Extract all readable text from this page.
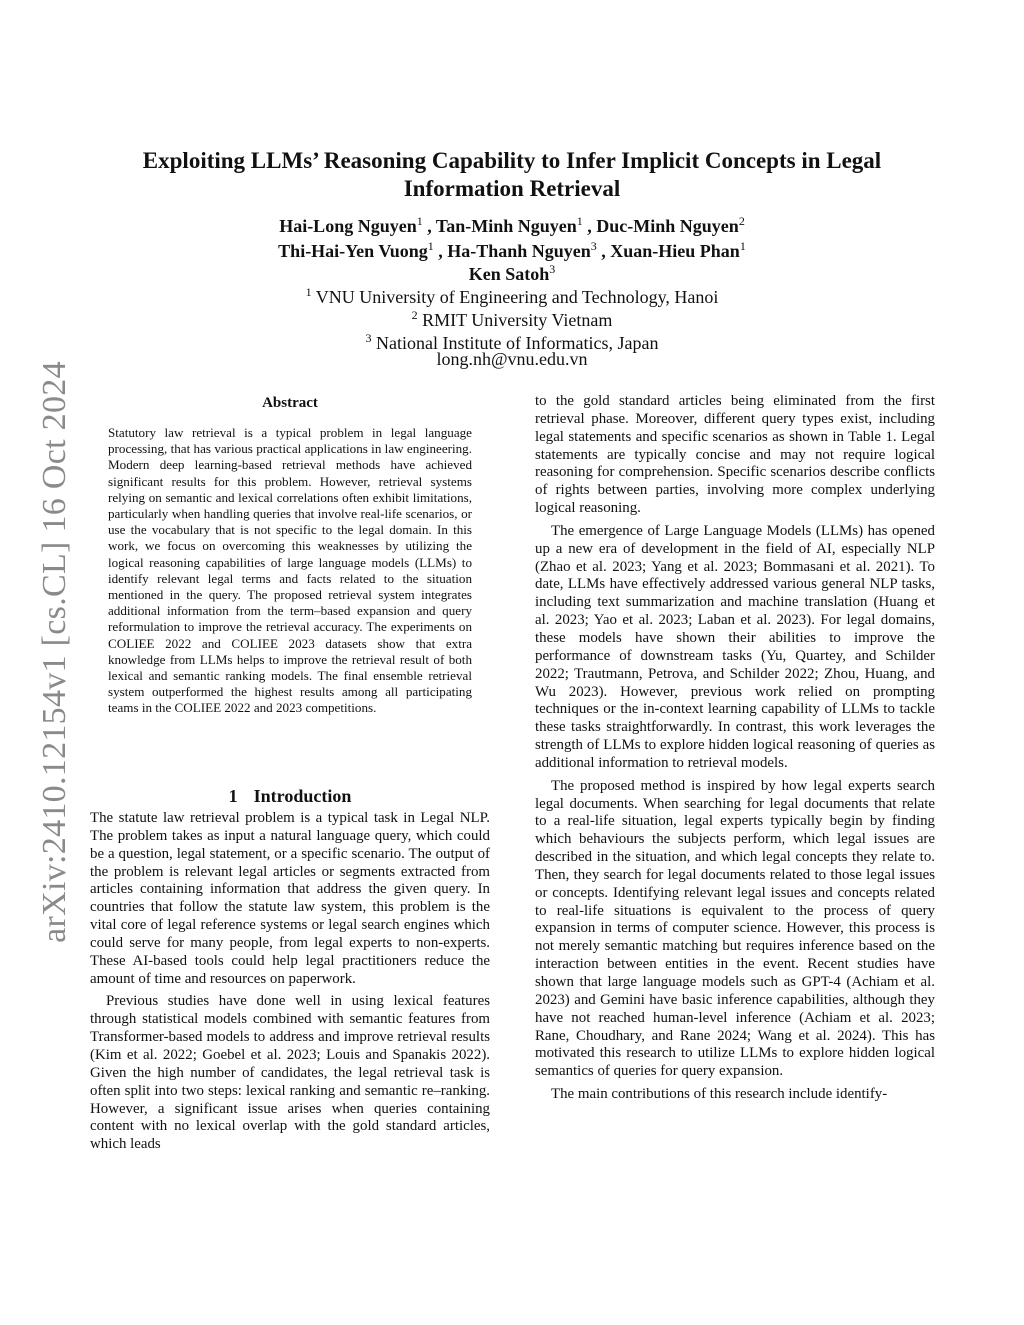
arXiv:2410.12154v1 [cs.CL] 16 Oct 2024
Exploiting LLMs’ Reasoning Capability to Infer Implicit Concepts in Legal
Information Retrieval
Hai-Long Nguyen$^1$ , Tan-Minh Nguyen$^1$ , Duc-Minh Nguyen$^2$
Thi-Hai-Yen Vuong$^1$ , Ha-Thanh Nguyen$^3$ , Xuan-Hieu Phan$^1$
Ken Satoh$^3$
$^1$ VNU University of Engineering and Technology, Hanoi
$^2$ RMIT University Vietnam
$^3$ National Institute of Informatics, Japan
long.nh@vnu.edu.vn
Abstract
Statutory law retrieval is a typical problem in legal language processing, that has various practical applications in law engineering. Modern deep learning-based retrieval methods have achieved significant results for this problem. However, retrieval systems relying on semantic and lexical correlations often exhibit limitations, particularly when handling queries that involve real-life scenarios, or use the vocabulary that is not specific to the legal domain. In this work, we focus on overcoming this weaknesses by utilizing the logical reasoning capabilities of large language models (LLMs) to identify relevant legal terms and facts related to the situation mentioned in the query. The proposed retrieval system integrates additional information from the term–based expansion and query reformulation to improve the retrieval accuracy. The experiments on COLIEE 2022 and COLIEE 2023 datasets show that extra knowledge from LLMs helps to improve the retrieval result of both lexical and semantic ranking models. The final ensemble retrieval system outperformed the highest results among all participating teams in the COLIEE 2022 and 2023 competitions.
1 Introduction

The statute law retrieval problem is a typical task in Legal NLP. The problem takes as input a natural language query, which could be a question, legal statement, or a specific scenario. The output of the problem is relevant legal articles or segments extracted from articles containing information that address the given query. In countries that follow the statute law system, this problem is the vital core of legal reference systems or legal search engines which could serve for many people, from legal experts to non-experts. These AI-based tools could help legal practitioners reduce the amount of time and resources on paperwork.

Previous studies have done well in using lexical features through statistical models combined with semantic features from Transformer-based models to address and improve retrieval results (Kim et al. 2022; Goebel et al. 2023; Louis and Spanakis 2022). Given the high number of candidates, the legal retrieval task is often split into two steps: lexical ranking and semantic re–ranking. However, a significant issue arises when queries containing content with no lexical overlap with the gold standard articles, which leads

to the gold standard articles being eliminated from the first retrieval phase. Moreover, different query types exist, including legal statements and specific scenarios as shown in Table 1. Legal statements are typically concise and may not require logical reasoning for comprehension. Specific scenarios describe conflicts of rights between parties, involving more complex underlying logical reasoning.

The emergence of Large Language Models (LLMs) has opened up a new era of development in the field of AI, especially NLP (Zhao et al. 2023; Yang et al. 2023; Bommasani et al. 2021). To date, LLMs have effectively addressed various general NLP tasks, including text summarization and machine translation (Huang et al. 2023; Yao et al. 2023; Laban et al. 2023). For legal domains, these models have shown their abilities to improve the performance of downstream tasks (Yu, Quartey, and Schilder 2022; Trautmann, Petrova, and Schilder 2022; Zhou, Huang, and Wu 2023). However, previous work relied on prompting techniques or the in-context learning capability of LLMs to tackle these tasks straightforwardly. In contrast, this work leverages the strength of LLMs to explore hidden logical reasoning of queries as additional information to retrieval models.

The proposed method is inspired by how legal experts search legal documents. When searching for legal documents that relate to a real-life situation, legal experts typically begin by finding which behaviours the subjects perform, which legal issues are described in the situation, and which legal concepts they relate to. Then, they search for legal documents related to those legal issues or concepts. Identifying relevant legal issues and concepts related to real-life situations is equivalent to the process of query expansion in terms of computer science. However, this process is not merely semantic matching but requires inference based on the interaction between entities in the event. Recent studies have shown that large language models such as GPT-4 (Achiam et al. 2023) and Gemini have basic inference capabilities, although they have not reached human-level inference (Achiam et al. 2023; Rane, Choudhary, and Rane 2024; Wang et al. 2024). This has motivated this research to utilize LLMs to explore hidden logical semantics of queries for query expansion.

The main contributions of this research include identify-
